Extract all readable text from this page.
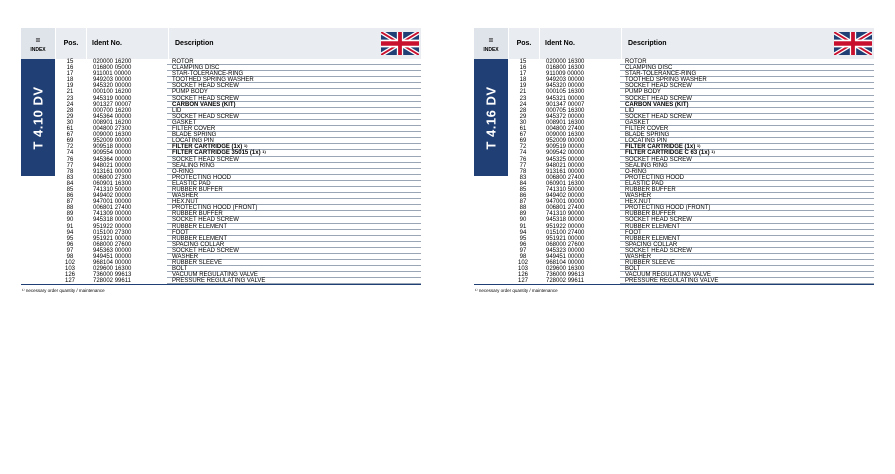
=
INDEX
Pos.	Ident No.	Description
T 4.10 DV
15	020000 16200	ROTOR
16	016800 05000	CLAMPING DISC
17	911001 00000	STAR-TOLERANCE-RING
18	949203 00000	TOOTHED SPRING WASHER
19	945320 00000	SOCKET HEAD SCREW
21	000100 16200	PUMP BODY
23	945319 00000	SOCKET HEAD SCREW
24	901327 00007	CARBON VANES (KIT)
28	000700 16200	LID
29	945364 00000	SOCKET HEAD SCREW
30	008901 16200	GASKET
61	004800 27300	FILTER COVER
67	009000 16300	BLADE SPRING
69	952009 00000	LOCATING PIN
72	909518 00000	FILTER CARTRIDGE (1x) $^{1)}$
74	909554 00000	FILTER CARTRIDGE 35015 (1x) $^{1)}$
76	945364 00000	SOCKET HEAD SCREW
77	948021 00000	SEALING RING
78	913161 00000	O-RING
83	006800 27300	PROTECTING HOOD
84	060901 16300	ELASTIC PAD
85	741310 50000	RUBBER BUFFER
86	949402 00000	WASHER
87	947001 00000	HEX.NUT
88	006801 27400	PROTECTING HOOD (FRONT)
89	741309 00000	RUBBER BUFFER
90	945318 00000	SOCKET HEAD SCREW
91	951922 00000	RUBBER ELEMENT
94	015100 27300	FOOT
95	951921 00000	RUBBER ELEMENT
96	068000 27600	SPACING COLLAR
97	945363 00000	SOCKET HEAD SCREW
98	949451 00000	WASHER
102	968104 00000	RUBBER SLEEVE
103	029600 16300	BOLT
126	736000 99613	VACUUM REGULATING VALVE
127	728002 99611	PRESSURE REGULATING VALVE
¹⁾ necessary order quantity / maintenance
=
INDEX
Pos.	Ident No.	Description
T 4.16 DV
15	020000 16300	ROTOR
16	016800 16300	CLAMPING DISC
17	911009 00000	STAR-TOLERANCE-RING
18	949203 00000	TOOTHED SPRING WASHER
19	945320 00000	SOCKET HEAD SCREW
21	000105 16300	PUMP BODY
23	945321 00000	SOCKET HEAD SCREW
24	901347 00007	CARBON VANES (KIT)
28	000705 16300	LID
29	945372 00000	SOCKET HEAD SCREW
30	008901 16300	GASKET
61	004800 27400	FILTER COVER
67	009000 16300	BLADE SPRING
69	952009 00000	LOCATING PIN
72	909519 00000	FILTER CARTRIDGE (1x) $^{1)}$
74	909542 00000	FILTER CARTRIDGE C 63 (1x) $^{1)}$
76	945325 00000	SOCKET HEAD SCREW
77	948021 00000	SEALING RING
78	913161 00000	O-RING
83	006800 27400	PROTECTING HOOD
84	060901 16300	ELASTIC PAD
85	741310 50000	RUBBER BUFFER
86	949402 00000	WASHER
87	947001 00000	HEX.NUT
88	006801 27400	PROTECTING HOOD (FRONT)
89	741310 90000	RUBBER BUFFER
90	945318 00000	SOCKET HEAD SCREW
91	951922 00000	RUBBER ELEMENT
94	015100 27400	FOOT
95	951921 00000	RUBBER ELEMENT
96	068000 27600	SPACING COLLAR
97	945323 00000	SOCKET HEAD SCREW
98	949451 00000	WASHER
102	968104 00000	RUBBER SLEEVE
103	029600 16300	BOLT
126	736000 99613	VACUUM REGULATING VALVE
127	728002 99611	PRESSURE REGULATING VALVE
¹⁾ necessary order quantity / maintenance
